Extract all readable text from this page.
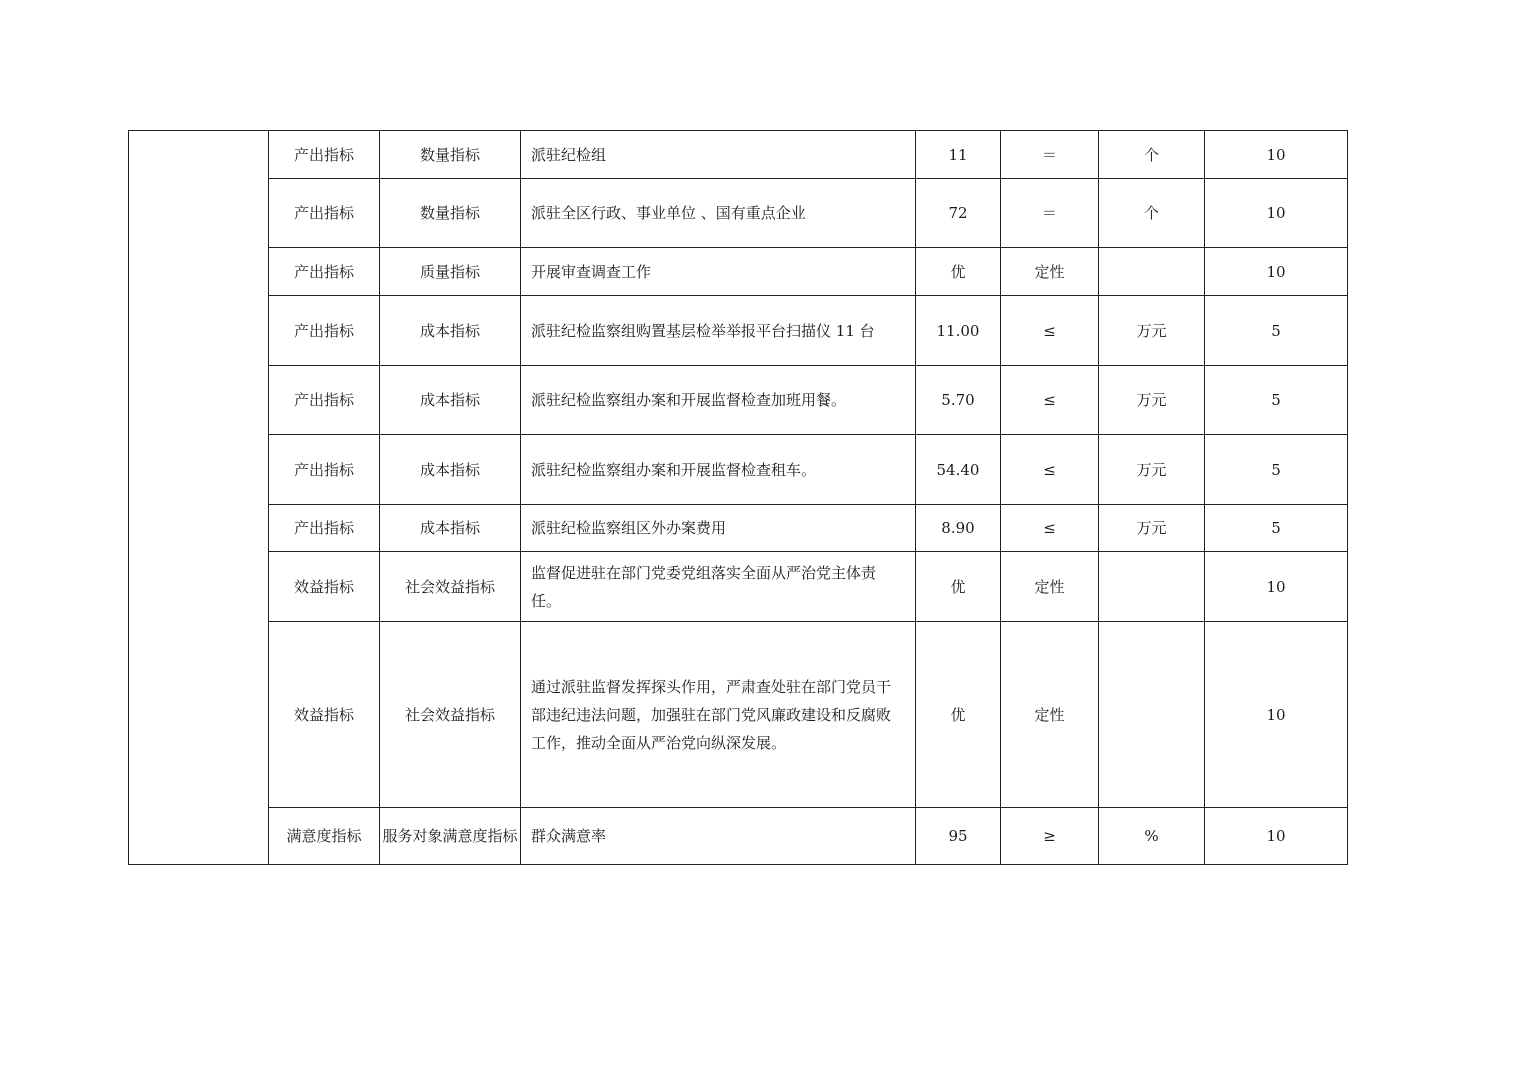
	产出指标	数量指标	派驻纪检组	11	＝	个	10
	产出指标	数量指标	派驻全区行政、事业单位 、国有重点企业	72	＝	个	10
	产出指标	质量指标	开展审查调查工作	优	定性		10
	产出指标	成本指标	派驻纪检监察组购置基层检举举报平台扫描仪 11 台	11.00	≤	万元	5
	产出指标	成本指标	派驻纪检监察组办案和开展监督检查加班用餐。	5.70	≤	万元	5
	产出指标	成本指标	派驻纪检监察组办案和开展监督检查租车。	54.40	≤	万元	5
	产出指标	成本指标	派驻纪检监察组区外办案费用	8.90	≤	万元	5
	效益指标	社会效益指标	监督促进驻在部门党委党组落实全面从严治党主体责任。	优	定性		10
	效益指标	社会效益指标	通过派驻监督发挥探头作用，严肃查处驻在部门党员干部违纪违法问题，加强驻在部门党风廉政建设和反腐败工作，推动全面从严治党向纵深发展。	优	定性		10
	满意度指标	服务对象满意度指标	群众满意率	95	≥	%	10
